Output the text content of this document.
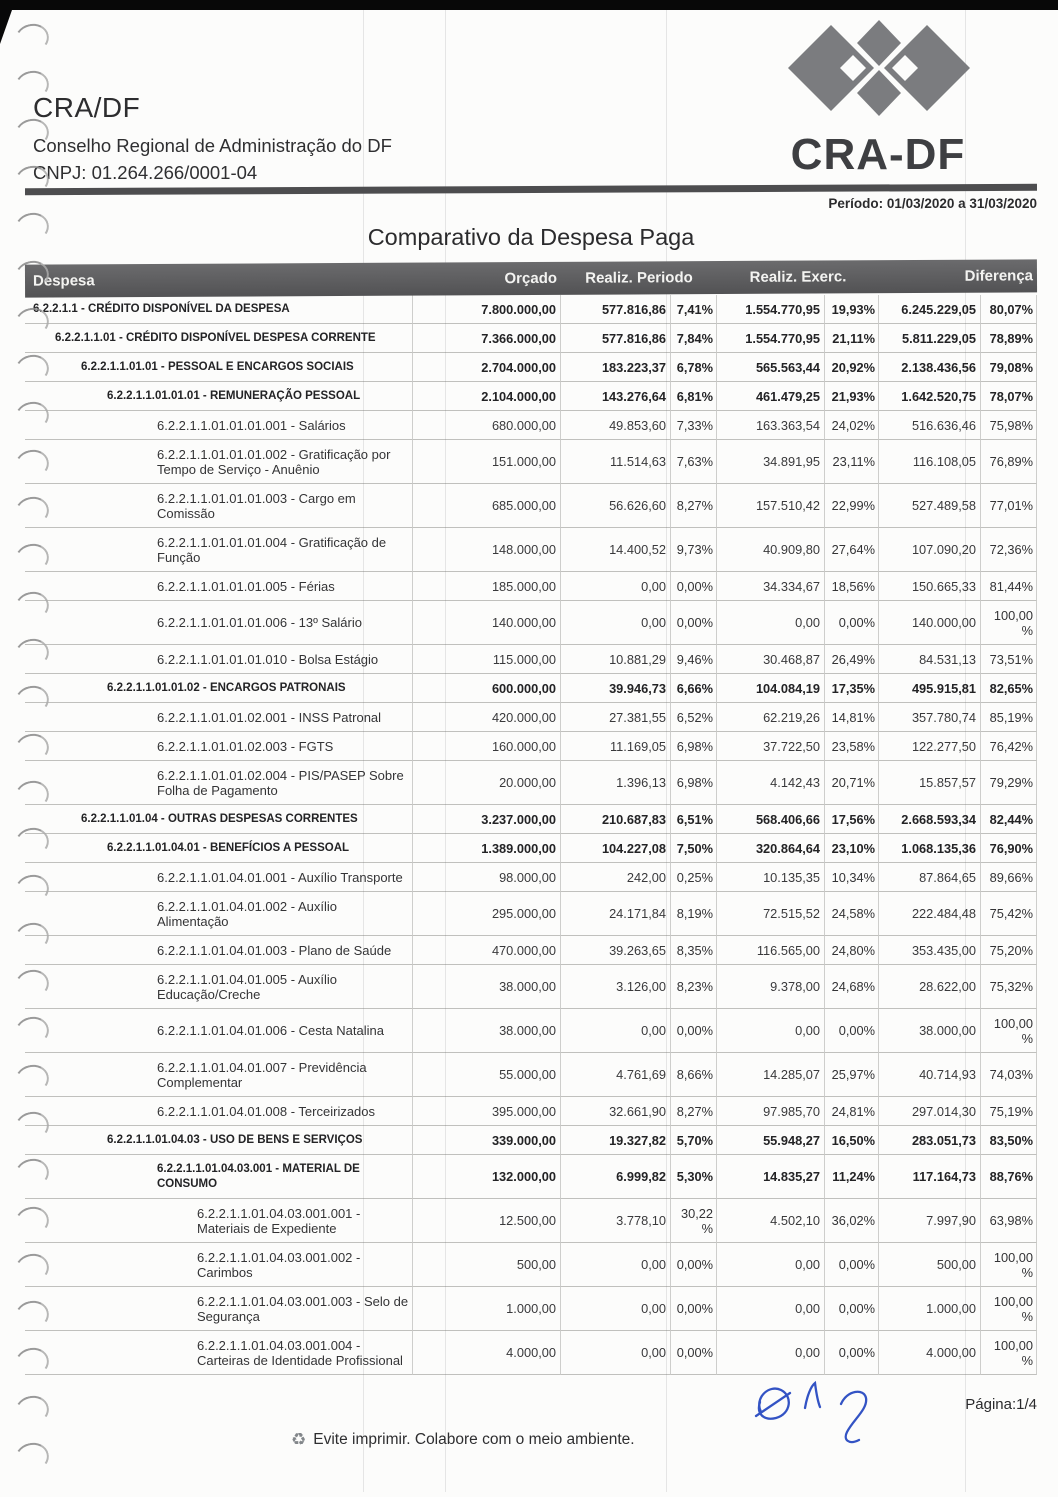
CRA/DF
Conselho Regional de Administração do DF
CNPJ: 01.264.266/0001-04	CRA-DF
Período: 01/03/2020 a 31/03/2020
Comparativo da Despesa Paga
Despesa	Orçado	Realiz. Periodo	Realiz. Exerc.	Diferença
6.2.2.1.1 - CRÉDITO DISPONÍVEL DA DESPESA	7.800.000,00	577.816,86 7,41​%	1.554.770,95 19,93​% 6.245.229,05 80,07​%
6.2.2.1.1.01 - CRÉDITO DISPONÍVEL DESPESA CORRENTE	7.366.000,00	577.816,86 7,84​%	1.554.770,95 21,11​% 5.811.229,05 78,89​%
6.2.2.1.1.01.01 - PESSOAL E ENCARGOS SOCIAIS	2.704.000,00	183.223,37 6,78​%	565.563,44 20,92​% 2.138.436,56 79,08​%
6.2.2.1.1.01.01.01 - REMUNERAÇÃO PESSOAL	2.104.000,00	143.276,64 6,81​%	461.479,25 21,93​% 1.642.520,75 78,07​%
6.2.2.1.1.01.01.01.001 - Salários	680.000,00	49.853,60 7,33​%	163.363,54 24,02​%	516.636,46 75,98​%
6.2.2.1.1.01.01.01.002 - Gratificação por Tempo de Serviço - Anuênio	151.000,00	11.514,63 7,63​%	34.891,95 23,11​%	116.108,05 76,89​%
6.2.2.1.1.01.01.01.003 - Cargo em Comissão	685.000,00	56.626,60 8,27​%	157.510,42 22,99​%	527.489,58 77,01​%
6.2.2.1.1.01.01.01.004 - Gratificação de Função	148.000,00	14.400,52 9,73​%	40.909,80 27,64​%	107.090,20 72,36​%
6.2.2.1.1.01.01.01.005 - Férias	185.000,00	0,00 0,00​%	34.334,67 18,56​%	150.665,33 81,44​%
6.2.2.1.1.01.01.01.006 - 13º Salário	140.000,00	0,00 0,00​%	0,00 0,00​%	140.000,00	100,00​%
6.2.2.1.1.01.01.01.010 - Bolsa Estágio	115.000,00	10.881,29 9,46​%	30.468,87 26,49​%	84.531,13 73,51​%
6.2.2.1.1.01.01.02 - ENCARGOS PATRONAIS	600.000,00	39.946,73 6,66​%	104.084,19 17,35​%	495.915,81 82,65​%
6.2.2.1.1.01.01.02.001 - INSS Patronal	420.000,00	27.381,55 6,52​%	62.219,26 14,81​%	357.780,74 85,19​%
6.2.2.1.1.01.01.02.003 - FGTS	160.000,00	11.169,05 6,98​%	37.722,50 23,58​%	122.277,50 76,42​%
6.2.2.1.1.01.01.02.004 - PIS/PASEP Sobre Folha de Pagamento	20.000,00	1.396,13 6,98​%	4.142,43 20,71​%	15.857,57 79,29​%
6.2.2.1.1.01.04 - OUTRAS DESPESAS CORRENTES	3.237.000,00	210.687,83 6,51​%	568.406,66 17,56​% 2.668.593,34 82,44​%
6.2.2.1.1.01.04.01 - BENEFÍCIOS A PESSOAL	1.389.000,00	104.227,08 7,50​%	320.864,64 23,10​% 1.068.135,36 76,90​%
6.2.2.1.1.01.04.01.001 - Auxílio Transporte	98.000,00	242,00 0,25​%	10.135,35 10,34​%	87.864,65 89,66​%
6.2.2.1.1.01.04.01.002 - Auxílio Alimentação	295.000,00	24.171,84 8,19​%	72.515,52 24,58​%	222.484,48 75,42​%
6.2.2.1.1.01.04.01.003 - Plano de Saúde	470.000,00	39.263,65 8,35​%	116.565,00 24,80​%	353.435,00 75,20​%
6.2.2.1.1.01.04.01.005 - Auxílio Educação/Creche	38.000,00	3.126,00 8,23​%	9.378,00 24,68​%	28.622,00 75,32​%
6.2.2.1.1.01.04.01.006 - Cesta Natalina	38.000,00	0,00 0,00​%	0,00 0,00​%	38.000,00	100,00​%
6.2.2.1.1.01.04.01.007 - Previdência Complementar	55.000,00	4.761,69 8,66​%	14.285,07 25,97​%	40.714,93 74,03​%
6.2.2.1.1.01.04.01.008 - Terceirizados	395.000,00	32.661,90 8,27​%	97.985,70 24,81​%	297.014,30 75,19​%
6.2.2.1.1.01.04.03 - USO DE BENS E SERVIÇOS	339.000,00	19.327,82 5,70​%	55.948,27 16,50​%	283.051,73 83,50​%
6.2.2.1.1.01.04.03.001 - MATERIAL DE CONSUMO	132.000,00	6.999,82 5,30​%	14.835,27 11,24​%	117.164,73 88,76​%
6.2.2.1.1.01.04.03.001.001 - Materiais de Expediente	12.500,00	3.778,10	30,22​%	4.502,10 36,02​%	7.997,90 63,98​%
6.2.2.1.1.01.04.03.001.002 - Carimbos	500,00	0,00 0,00​%	0,00 0,00​%	500,00	100,00​%
6.2.2.1.1.01.04.03.001.003 - Selo de Segurança	1.000,00	0,00 0,00​%	0,00 0,00​%	1.000,00	100,00​%
6.2.2.1.1.01.04.03.001.004 - Carteiras de Identidade Profissional	4.000,00	0,00 0,00​%	0,00 0,00​%	4.000,00	100,00​%
Página:1/4
♻︎ Evite imprimir. Colabore com o meio ambiente.
